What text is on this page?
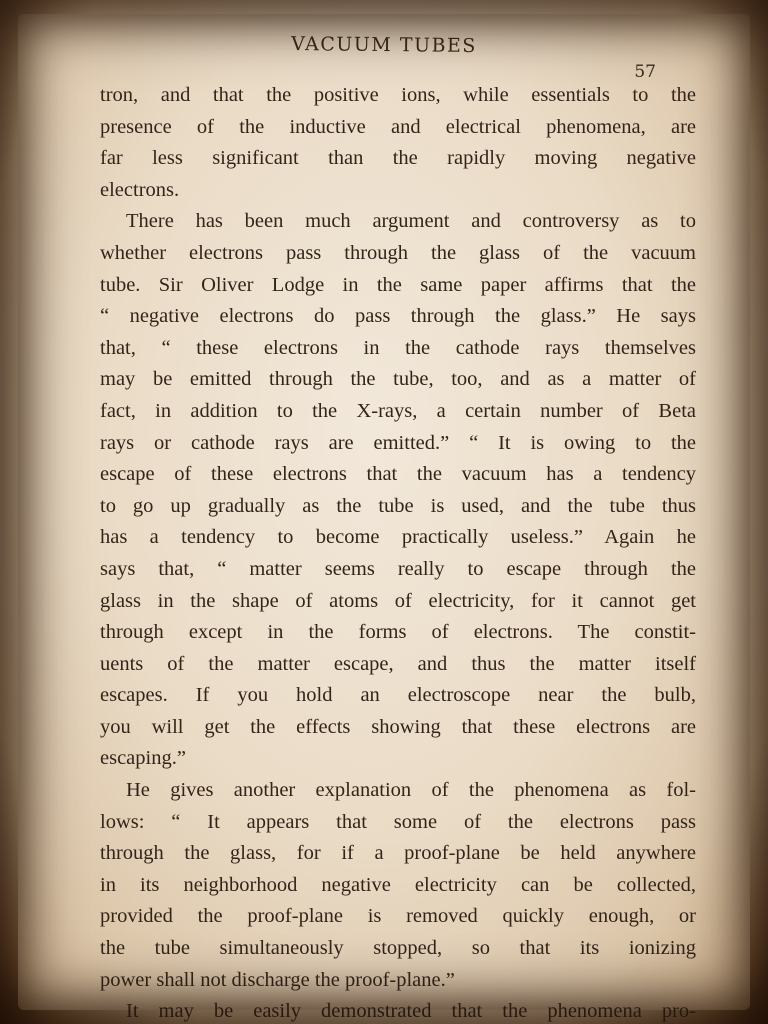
VACUUM TUBES
57
tron, and that the positive ions, while essentials to the
presence of the inductive and electrical phenomena, are
far less significant than the rapidly moving negative
electrons.
There has been much argument and controversy as to
whether electrons pass through the glass of the vacuum
tube. Sir Oliver Lodge in the same paper affirms that the
“ negative electrons do pass through the glass.” He says
that, “ these electrons in the cathode rays themselves
may be emitted through the tube, too, and as a matter of
fact, in addition to the X-rays, a certain number of Beta
rays or cathode rays are emitted.” “ It is owing to the
escape of these electrons that the vacuum has a tendency
to go up gradually as the tube is used, and the tube thus
has a tendency to become practically useless.” Again he
says that, “ matter seems really to escape through the
glass in the shape of atoms of electricity, for it cannot get
through except in the forms of electrons. The constit-
uents of the matter escape, and thus the matter itself
escapes. If you hold an electroscope near the bulb,
you will get the effects showing that these electrons are
escaping.”
He gives another explanation of the phenomena as fol-
lows: “ It appears that some of the electrons pass
through the glass, for if a proof-plane be held anywhere
in its neighborhood negative electricity can be collected,
provided the proof-plane is removed quickly enough, or
the tube simultaneously stopped, so that its ionizing
power shall not discharge the proof-plane.”
It may be easily demonstrated that the phenomena pro-
